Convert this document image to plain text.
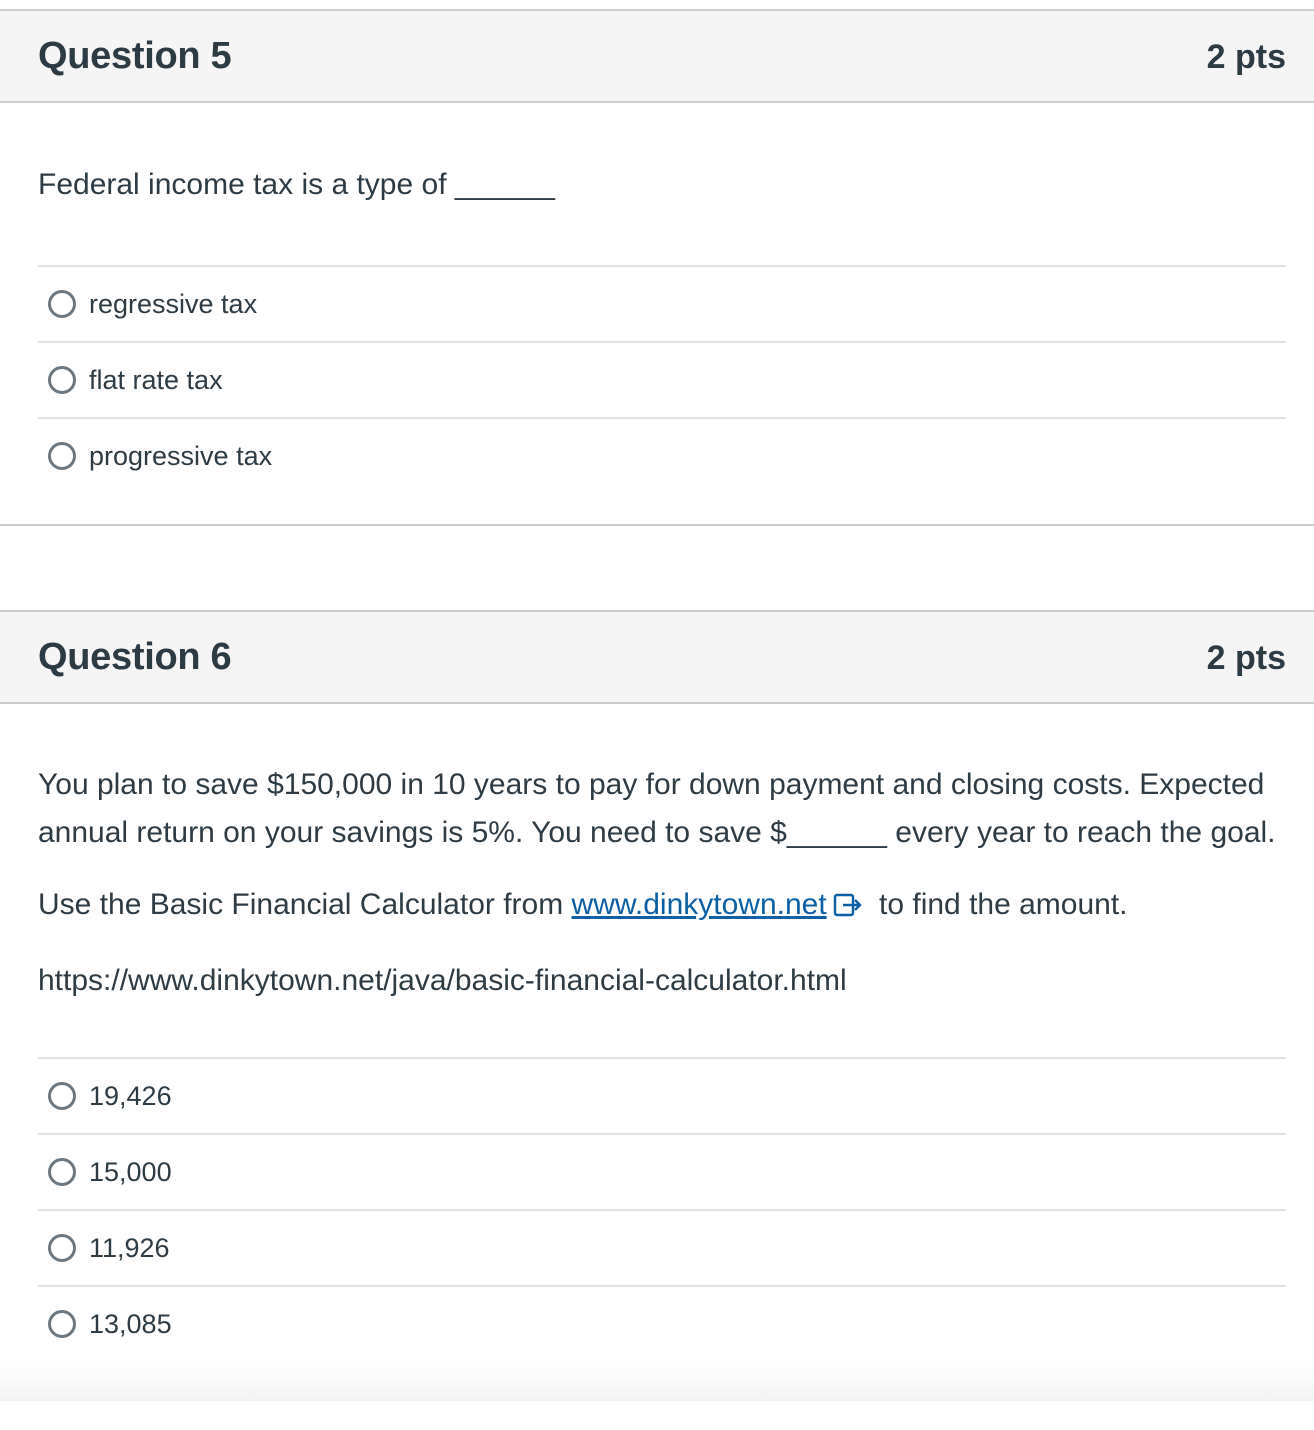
Question 5	2 pts

Federal income tax is a type of ______

regressive tax
flat rate tax
progressive tax
Question 6	2 pts

You plan to save $150,000 in 10 years to pay for down payment and closing costs. Expected annual return on your savings is 5%. You need to save $______ every year to reach the goal.

Use the Basic Financial Calculator from www.dinkytown.net to find the amount.

https://www.dinkytown.net/java/basic-financial-calculator.html

19,426
15,000
11,926
13,085
